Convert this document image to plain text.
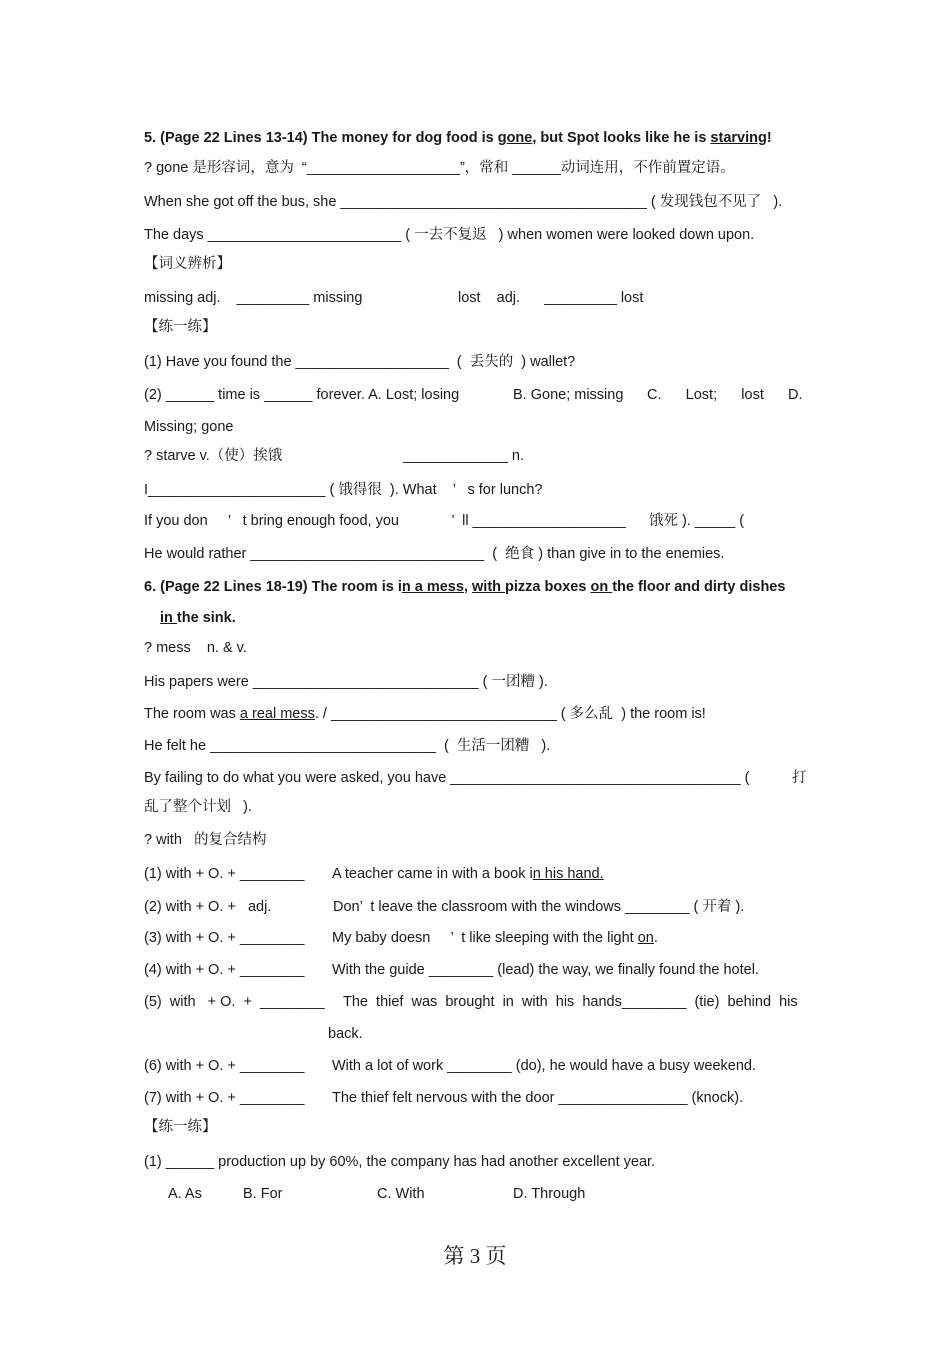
5. (Page 22 Lines 13-14) The money for dog food is gone, but Spot looks like he is starving!
? gone 是形容词，意为  “___________________”，常和 ______动词连用，不作前置定语。
When she got off the bus, she ______________________________________ ( 发现钱包不见了   ).
The days ________________________ ( 一去不复返   ) when women were looked down upon.
【词义辨析】
missing adj.    _________ missing	lost    adj.      _________ lost
【练一练】
(1) Have you found the ___________________  (  丢失的  ) wallet?
(2) ______ time is ______ forever. A. Lost; losing	B. Gone; missing C.      Lost;      lost      D.
Missing; gone
? starve v.（使）挨饿	_____________ n.
I______________________ ( 饿得很  ). What    ’   s for lunch?
If you don     ’   t bring enough food, you             ’  ll ___________________ 饿死 ). _____ (
He would rather _____________________________  (  绝食 ) than give in to the enemies.
6. (Page 22 Lines 18-19) The room is in a mess, with pizza boxes on the floor and dirty dishes
in the sink.
? mess    n. & v.
His papers were ____________________________ ( 一团糟 ).
The room was a real mess. / ____________________________ ( 多么乱  ) the room is!
He felt he ____________________________  (  生活一团糟   ).
By failing to do what you were asked, you have ____________________________________ (	打
乱了整个计划   ).
? with   的复合结构
(1) with + O. + ________ A teacher came in with a book in his hand.
(2) with + O. +   adj.	Don’  t leave the classroom with the windows ________ ( 开着 ).
(3) with + O. + ________ My baby doesn     ’  t like sleeping with the light on.
(4) with + O. + ________ With the guide ________ (lead) the way, we finally found the hotel.
(5)  with   + O.  +  ________ The  thief  was  brought  in  with  his  hands________  (tie)  behind  his
back.
(6) with + O. + ________ With a lot of work ________ (do), he would have a busy weekend.
(7) with + O. + ________ The thief felt nervous with the door ________________ (knock).
【练一练】
(1) ______ production up by 60%, the company has had another excellent year.
A. As	B. For	C. With	D. Through
第 3 页
